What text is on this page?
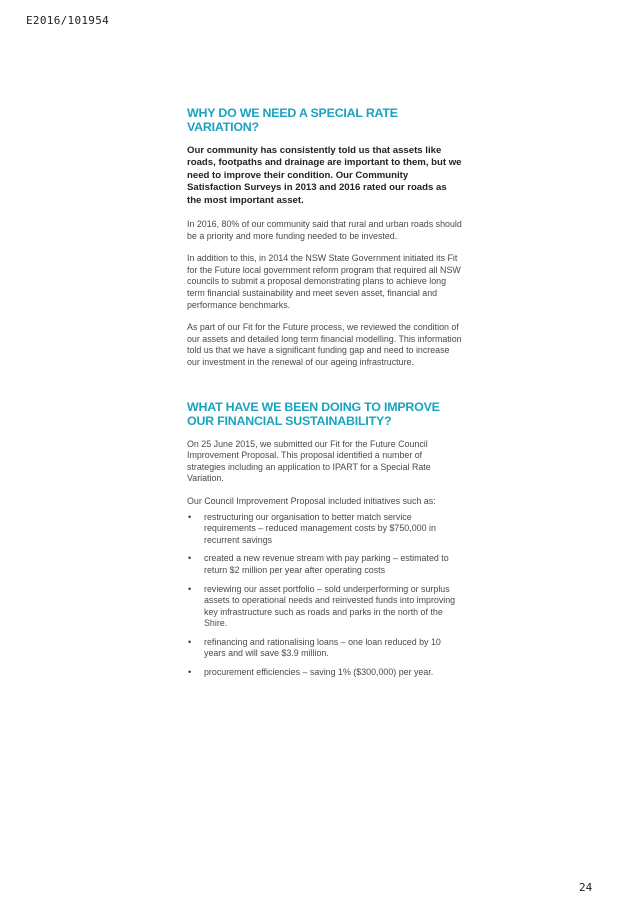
E2016/101954
WHY DO WE NEED A SPECIAL RATE VARIATION?

Our community has consistently told us that assets like roads, footpaths and drainage are important to them, but we need to improve their condition. Our Community Satisfaction Surveys in 2013 and 2016 rated our roads as the most important asset.

In 2016, 80% of our community said that rural and urban roads should be a priority and more funding needed to be invested.

In addition to this, in 2014 the NSW State Government initiated its Fit for the Future local government reform program that required all NSW councils to submit a proposal demonstrating plans to achieve long term financial sustainability and meet seven asset, financial and performance benchmarks.

As part of our Fit for the Future process, we reviewed the condition of our assets and detailed long term financial modelling. This information told us that we have a significant funding gap and need to increase our investment in the renewal of our ageing infrastructure.

WHAT HAVE WE BEEN DOING TO IMPROVE OUR FINANCIAL SUSTAINABILITY?

On 25 June 2015, we submitted our Fit for the Future Council Improvement Proposal. This proposal identified a number of strategies including an application to IPART for a Special Rate Variation.

Our Council Improvement Proposal included initiatives such as:

• restructuring our organisation to better match service requirements – reduced management costs by $750,000 in recurrent savings
• created a new revenue stream with pay parking – estimated to return $2 million per year after operating costs
• reviewing our asset portfolio – sold underperforming or surplus assets to operational needs and reinvested funds into improving key infrastructure such as roads and parks in the north of the Shire.
• refinancing and rationalising loans – one loan reduced by 10 years and will save $3.9 million.
• procurement efficiencies – saving 1% ($300,000) per year.
24
